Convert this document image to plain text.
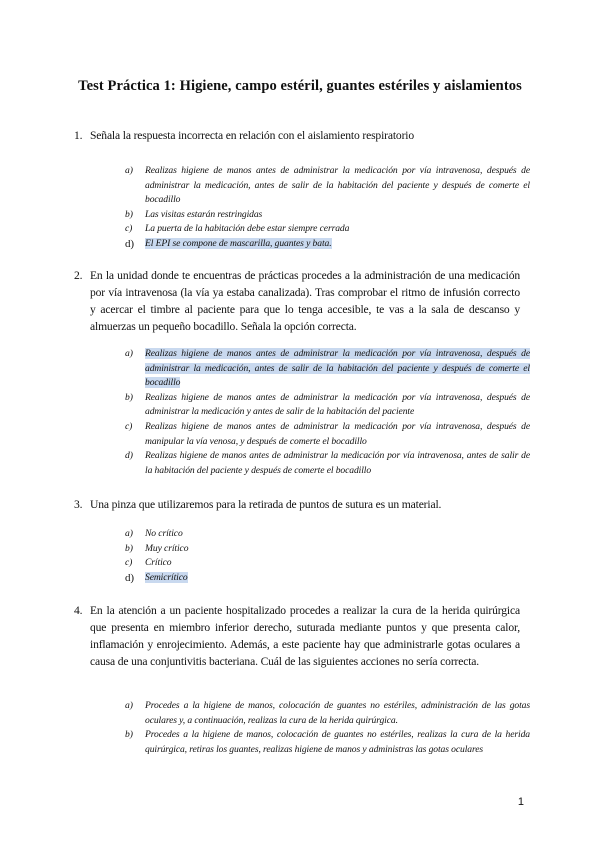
Test Práctica 1: Higiene, campo estéril, guantes estériles y aislamientos
1. Señala la respuesta incorrecta en relación con el aislamiento respiratorio
a) Realizas higiene de manos antes de administrar la medicación por vía intravenosa, después de administrar la medicación, antes de salir de la habitación del paciente y después de comerte el bocadillo
b) Las visitas estarán restringidas
c) La puerta de la habitación debe estar siempre cerrada
d) El EPI se compone de mascarilla, guantes y bata.
2. En la unidad donde te encuentras de prácticas procedes a la administración de una medicación por vía intravenosa (la vía ya estaba canalizada). Tras comprobar el ritmo de infusión correcto y acercar el timbre al paciente para que lo tenga accesible, te vas a la sala de descanso y almuerzas un pequeño bocadillo. Señala la opción correcta.
a) Realizas higiene de manos antes de administrar la medicación por vía intravenosa, después de administrar la medicación, antes de salir de la habitación del paciente y después de comerte el bocadillo
b) Realizas higiene de manos antes de administrar la medicación por vía intravenosa, después de administrar la medicación y antes de salir de la habitación del paciente
c) Realizas higiene de manos antes de administrar la medicación por vía intravenosa, después de manipular la vía venosa, y después de comerte el bocadillo
d) Realizas higiene de manos antes de administrar la medicación por vía intravenosa, antes de salir de la habitación del paciente y después de comerte el bocadillo
3. Una pinza que utilizaremos para la retirada de puntos de sutura es un material.
a) No crítico
b) Muy crítico
c) Crítico
d) Semicrítico
4. En la atención a un paciente hospitalizado procedes a realizar la cura de la herida quirúrgica que presenta en miembro inferior derecho, suturada mediante puntos y que presenta calor, inflamación y enrojecimiento. Además, a este paciente hay que administrarle gotas oculares a causa de una conjuntivitis bacteriana. Cuál de las siguientes acciones no sería correcta.
a) Procedes a la higiene de manos, colocación de guantes no estériles, administración de las gotas oculares y, a continuación, realizas la cura de la herida quirúrgica.
b) Procedes a la higiene de manos, colocación de guantes no estériles, realizas la cura de la herida quirúrgica, retiras los guantes, realizas higiene de manos y administras las gotas oculares
1
